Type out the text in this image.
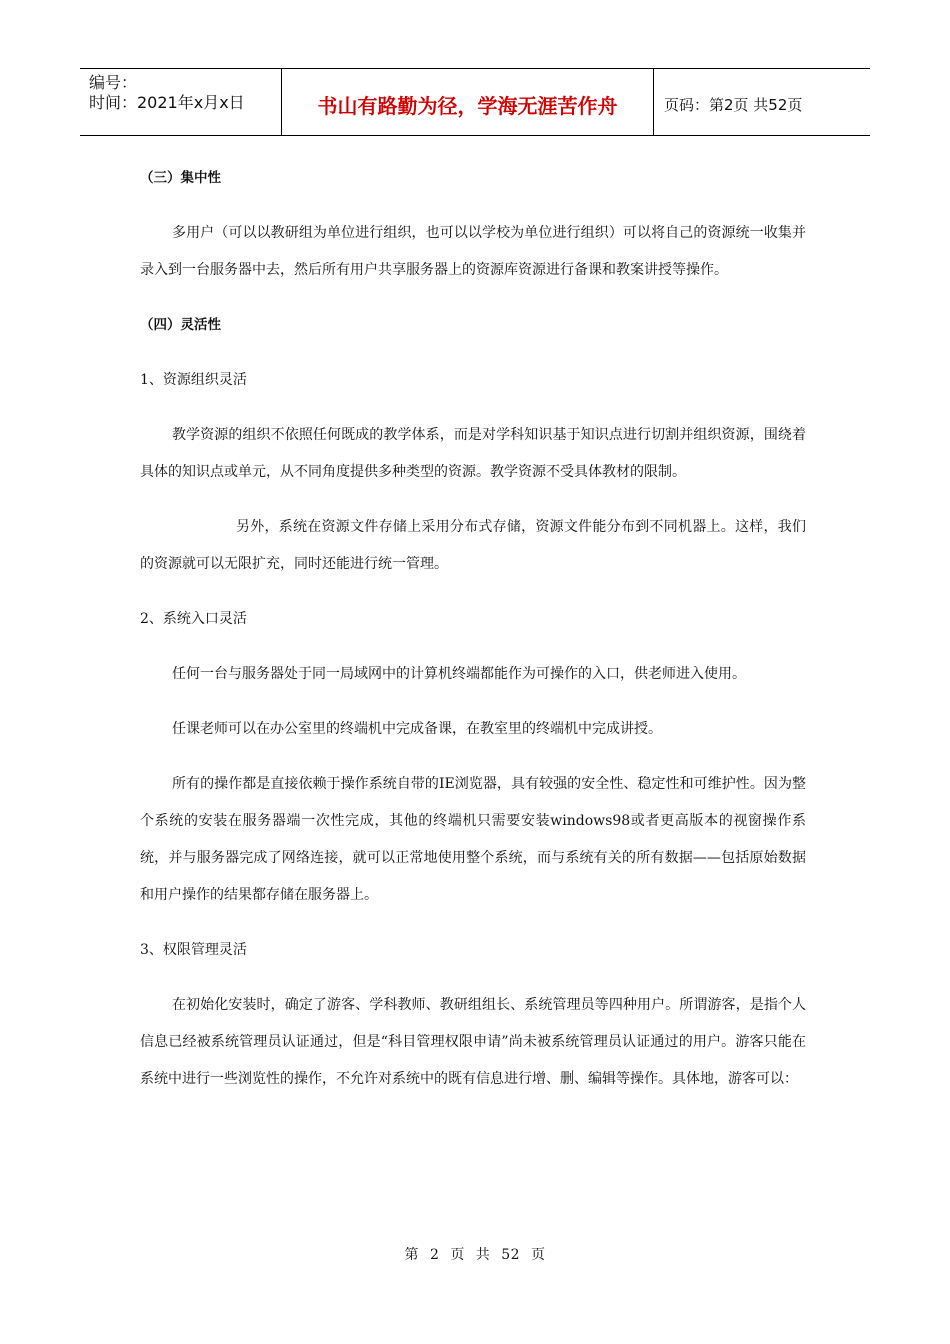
编号：
时间：2021年x月x日	书山有路勤为径，学海无涯苦作舟	页码：第2页 共52页

（三）集中性

多用户（可以以教研组为单位进行组织，也可以以学校为单位进行组织）可以将自己的资源统一收集并录入到一台服务器中去，然后所有用户共享服务器上的资源库资源进行备课和教案讲授等操作。

（四）灵活性

1、资源组织灵活

教学资源的组织不依照任何既成的教学体系，而是对学科知识基于知识点进行切割并组织资源，围绕着具体的知识点或单元，从不同角度提供多种类型的资源。教学资源不受具体教材的限制。

另外，系统在资源文件存储上采用分布式存储，资源文件能分布到不同机器上。这样，我们的资源就可以无限扩充，同时还能进行统一管理。

2、系统入口灵活

任何一台与服务器处于同一局域网中的计算机终端都能作为可操作的入口，供老师进入使用。

任课老师可以在办公室里的终端机中完成备课，在教室里的终端机中完成讲授。

所有的操作都是直接依赖于操作系统自带的IE浏览器，具有较强的安全性、稳定性和可维护性。因为整个系统的安装在服务器端一次性完成，其他的终端机只需要安装windows98或者更高版本的视窗操作系统，并与服务器完成了网络连接，就可以正常地使用整个系统，而与系统有关的所有数据——包括原始数据和用户操作的结果都存储在服务器上。

3、权限管理灵活

在初始化安装时，确定了游客、学科教师、教研组组长、系统管理员等四种用户。所谓游客，是指个人信息已经被系统管理员认证通过，但是“科目管理权限申请”尚未被系统管理员认证通过的用户。游客只能在系统中进行一些浏览性的操作，不允许对系统中的既有信息进行增、删、编辑等操作。具体地，游客可以：

第 2 页 共 52 页
